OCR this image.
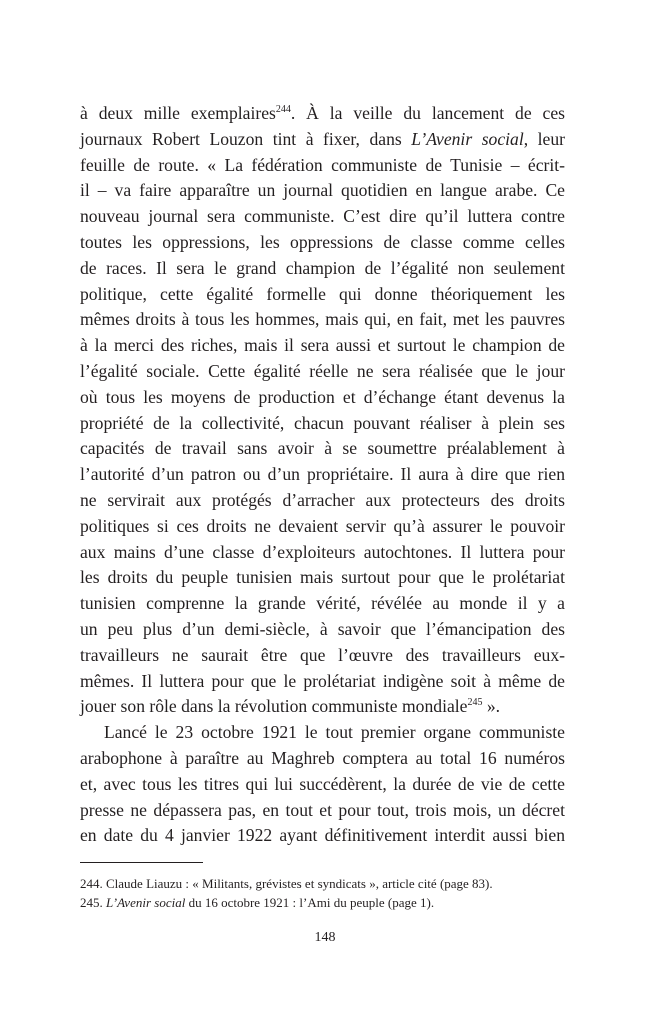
à deux mille exemplaires$^{244}$. À la veille du lancement de ces
journaux Robert Louzon tint à fixer, dans L’Avenir social, leur
feuille de route. « La fédération communiste de Tunisie – écrit-
il – va faire apparaître un journal quotidien en langue arabe. Ce
nouveau journal sera communiste. C’est dire qu’il luttera contre
toutes les oppressions, les oppressions de classe comme celles
de races. Il sera le grand champion de l’égalité non seulement
politique, cette égalité formelle qui donne théoriquement les
mêmes droits à tous les hommes, mais qui, en fait, met les pauvres
à la merci des riches, mais il sera aussi et surtout le champion de
l’égalité sociale. Cette égalité réelle ne sera réalisée que le jour
où tous les moyens de production et d’échange étant devenus la
propriété de la collectivité, chacun pouvant réaliser à plein ses
capacités de travail sans avoir à se soumettre préalablement à
l’autorité d’un patron ou d’un propriétaire. Il aura à dire que rien
ne servirait aux protégés d’arracher aux protecteurs des droits
politiques si ces droits ne devaient servir qu’à assurer le pouvoir
aux mains d’une classe d’exploiteurs autochtones. Il luttera pour
les droits du peuple tunisien mais surtout pour que le prolétariat
tunisien comprenne la grande vérité, révélée au monde il y a
un peu plus d’un demi-siècle, à savoir que l’émancipation des
travailleurs ne saurait être que l’œuvre des travailleurs eux-
mêmes. Il luttera pour que le prolétariat indigène soit à même de
jouer son rôle dans la révolution communiste mondiale$^{245}$ ».
Lancé le 23 octobre 1921 le tout premier organe communiste
arabophone à paraître au Maghreb comptera au total 16 numéros
et, avec tous les titres qui lui succédèrent, la durée de vie de cette
presse ne dépassera pas, en tout et pour tout, trois mois, un décret
en date du 4 janvier 1922 ayant définitivement interdit aussi bien
244. Claude Liauzu : « Militants, grévistes et syndicats », article cité (page 83).
245. L’Avenir social du 16 octobre 1921 : l’Ami du peuple (page 1).
148
